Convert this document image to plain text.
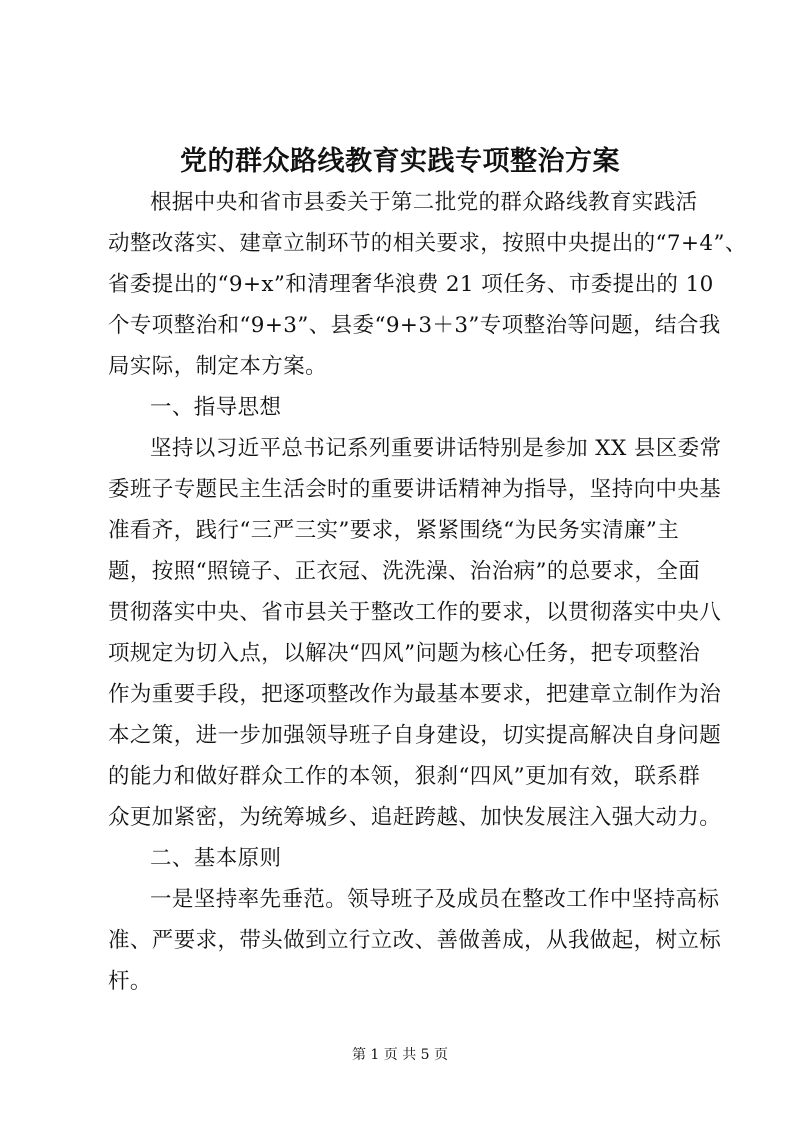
党的群众路线教育实践专项整治方案
根据中央和省市县委关于第二批党的群众路线教育实践活
动整改落实、建章立制环节的相关要求，按照中央提出的“7+4”、
省委提出的“9+x”和清理奢华浪费 21 项任务、市委提出的 10
个专项整治和“9+3”、县委“9+3＋3”专项整治等问题，结合我
局实际，制定本方案。
一、指导思想
坚持以习近平总书记系列重要讲话特别是参加 XX 县区委常
委班子专题民主生活会时的重要讲话精神为指导，坚持向中央基
准看齐，践行“三严三实”要求，紧紧围绕“为民务实清廉”主
题，按照“照镜子、正衣冠、洗洗澡、治治病”的总要求，全面
贯彻落实中央、省市县关于整改工作的要求，以贯彻落实中央八
项规定为切入点，以解决“四风”问题为核心任务，把专项整治
作为重要手段，把逐项整改作为最基本要求，把建章立制作为治
本之策，进一步加强领导班子自身建设，切实提高解决自身问题
的能力和做好群众工作的本领，狠刹“四风”更加有效，联系群
众更加紧密，为统筹城乡、追赶跨越、加快发展注入强大动力。
二、基本原则
一是坚持率先垂范。领导班子及成员在整改工作中坚持高标
准、严要求，带头做到立行立改、善做善成，从我做起，树立标
杆。
第 1 页 共 5 页
